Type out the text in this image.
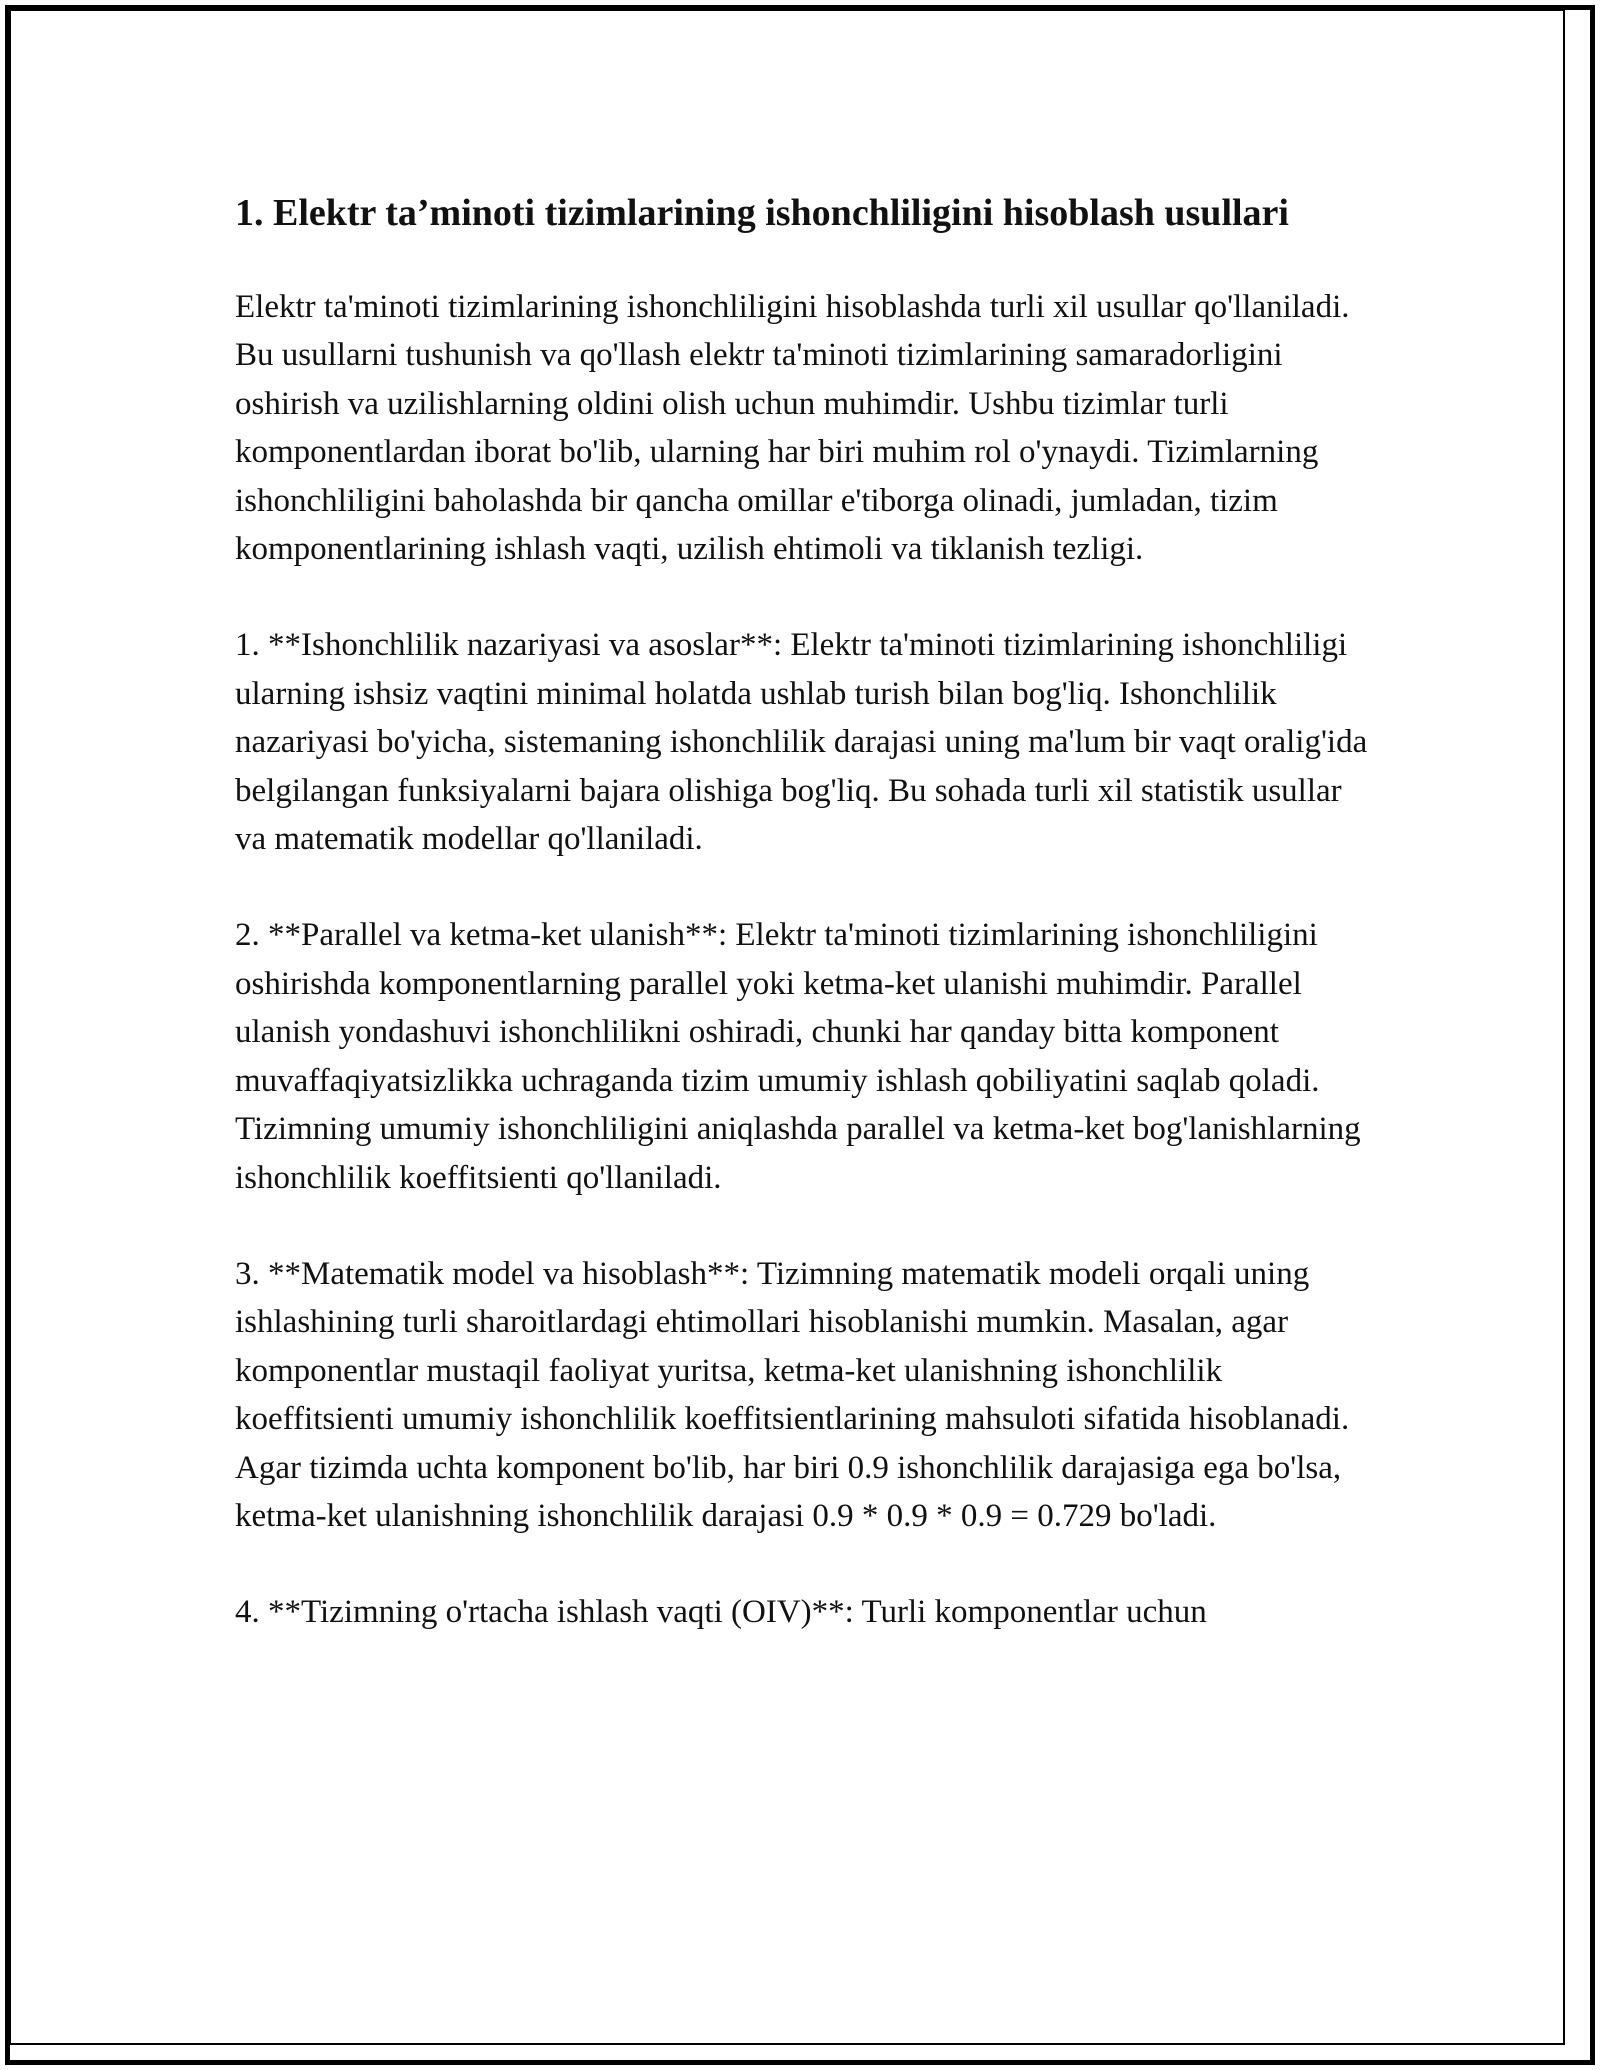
1. Elektr ta’minoti tizimlarining ishonchliligini hisoblash usullari

Elektr ta'minoti tizimlarining ishonchliligini hisoblashda turli xil usullar qo'llaniladi. Bu usullarni tushunish va qo'llash elektr ta'minoti tizimlarining samaradorligini oshirish va uzilishlarning oldini olish uchun muhimdir. Ushbu tizimlar turli komponentlardan iborat bo'lib, ularning har biri muhim rol o'ynaydi. Tizimlarning ishonchliligini baholashda bir qancha omillar e'tiborga olinadi, jumladan, tizim komponentlarining ishlash vaqti, uzilish ehtimoli va tiklanish tezligi.

1. **Ishonchlilik nazariyasi va asoslar**: Elektr ta'minoti tizimlarining ishonchliligi ularning ishsiz vaqtini minimal holatda ushlab turish bilan bog'liq. Ishonchlilik nazariyasi bo'yicha, sistemaning ishonchlilik darajasi uning ma'lum bir vaqt oralig'ida belgilangan funksiyalarni bajara olishiga bog'liq. Bu sohada turli xil statistik usullar va matematik modellar qo'llaniladi.

2. **Parallel va ketma-ket ulanish**: Elektr ta'minoti tizimlarining ishonchliligini oshirishda komponentlarning parallel yoki ketma-ket ulanishi muhimdir. Parallel ulanish yondashuvi ishonchlilikni oshiradi, chunki har qanday bitta komponent muvaffaqiyatsizlikka uchraganda tizim umumiy ishlash qobiliyatini saqlab qoladi. Tizimning umumiy ishonchliligini aniqlashda parallel va ketma-ket bog'lanishlarning ishonchlilik koeffitsienti qo'llaniladi.

3. **Matematik model va hisoblash**: Tizimning matematik modeli orqali uning ishlashining turli sharoitlardagi ehtimollari hisoblanishi mumkin. Masalan, agar komponentlar mustaqil faoliyat yuritsa, ketma-ket ulanishning ishonchlilik koeffitsienti umumiy ishonchlilik koeffitsientlarining mahsuloti sifatida hisoblanadi. Agar tizimda uchta komponent bo'lib, har biri 0.9 ishonchlilik darajasiga ega bo'lsa, ketma-ket ulanishning ishonchlilik darajasi 0.9 * 0.9 * 0.9 = 0.729 bo'ladi.

4. **Tizimning o'rtacha ishlash vaqti (OIV)**: Turli komponentlar uchun
